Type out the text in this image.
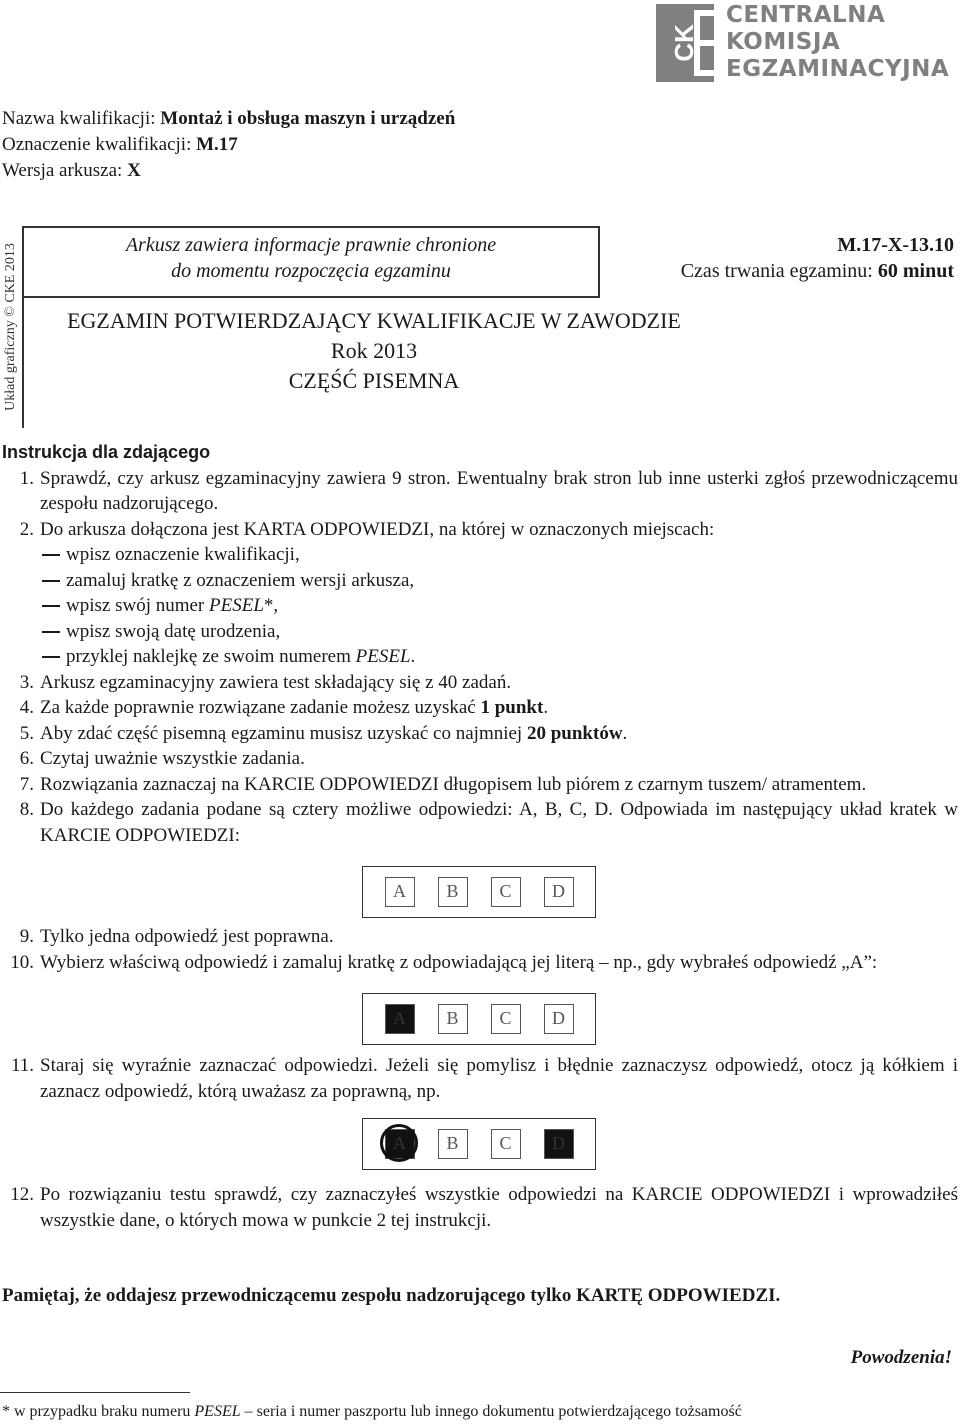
CK
CENTRALNA
KOMISJA
EGZAMINACYJNA
Nazwa kwalifikacji: Montaż i obsługa maszyn i urządzeń
Oznaczenie kwalifikacji: M.17
Wersja arkusza: X
Układ graficzny © CKE 2013	Arkusz zawiera informacje prawnie chronione
do momentu rozpoczęcia egzaminu
M.17-X-13.10
Czas trwania egzaminu: 60 minut
EGZAMIN POTWIERDZAJĄCY KWALIFIKACJE W ZAWODZIE
Rok 2013
CZĘŚĆ PISEMNA
Instrukcja dla zdającego
1. Sprawdź, czy arkusz egzaminacyjny zawiera 9 stron. Ewentualny brak stron lub inne usterki zgłoś przewodniczącemu zespołu nadzorującego.
2. Do arkusza dołączona jest KARTA ODPOWIEDZI, na której w oznaczonych miejscach:
wpisz oznaczenie kwalifikacji,
zamaluj kratkę z oznaczeniem wersji arkusza,
wpisz swój numer PESEL*,
wpisz swoją datę urodzenia,
przyklej naklejkę ze swoim numerem PESEL.
3. Arkusz egzaminacyjny zawiera test składający się z 40 zadań.
4. Za każde poprawnie rozwiązane zadanie możesz uzyskać 1 punkt.
5. Aby zdać część pisemną egzaminu musisz uzyskać co najmniej 20 punktów.
6. Czytaj uważnie wszystkie zadania.
7. Rozwiązania zaznaczaj na KARCIE ODPOWIEDZI długopisem lub piórem z czarnym tuszem/ atramentem.
8. Do każdego zadania podane są cztery możliwe odpowiedzi: A, B, C, D. Odpowiada im następujący układ kratek w KARCIE ODPOWIEDZI:
A	B	C	D
9. Tylko jedna odpowiedź jest poprawna.
10. Wybierz właściwą odpowiedź i zamaluj kratkę z odpowiadającą jej literą – np., gdy wybrałeś odpowiedź „A”:
A	B	C	D
11. Staraj się wyraźnie zaznaczać odpowiedzi. Jeżeli się pomylisz i błędnie zaznaczysz odpowiedź, otocz ją kółkiem i zaznacz odpowiedź, którą uważasz za poprawną, np.
A	B	C	D
12. Po rozwiązaniu testu sprawdź, czy zaznaczyłeś wszystkie odpowiedzi na KARCIE ODPOWIEDZI i wprowadziłeś wszystkie dane, o których mowa w punkcie 2 tej instrukcji.
Pamiętaj, że oddajesz przewodniczącemu zespołu nadzorującego tylko KARTĘ ODPOWIEDZI.
Powodzenia!
* w przypadku braku numeru PESEL – seria i numer paszportu lub innego dokumentu potwierdzającego tożsamość
